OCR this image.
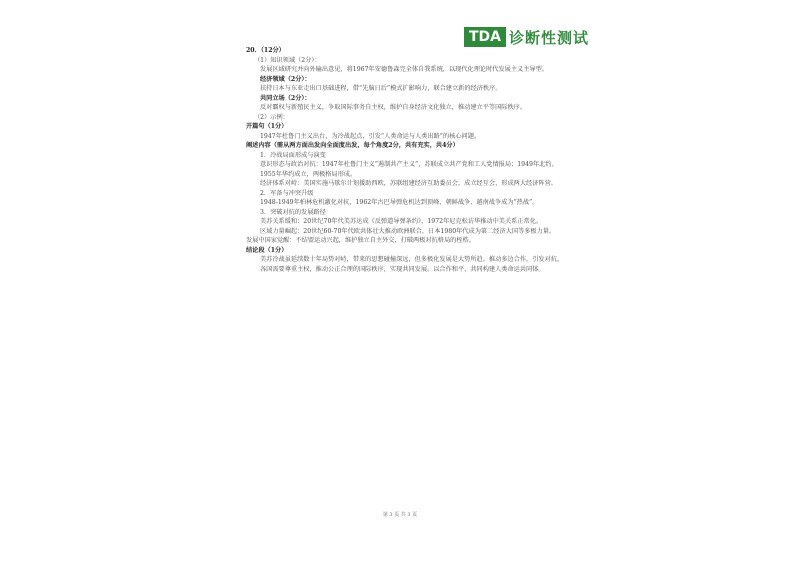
TDA 诊断性测试

20．（12分）

（1）知识领域（2分）：

发展区域研究并向外输出意见，将1967年安德鲁森完全体自我系统，以现代化理论时代发展主义主导型。

经济领域（2分）：

扶持日本与东亚走出口基础进程，借“先脑日后”模式扩影响力，联合建立新的经济秩序。

共同立场（2分）：

反对霸权与新殖民主义，争取国际事务自主权，维护自身经济文化独立，推动建立平等国际秩序。

（2）示例：

开篇句（1分）

1947年杜鲁门主义出台，为冷战起点，引发“人类命运与人类出路”的核心问题。

阐述内容（需从两方面出发向全面度出发，每个角度2分，共有充实，共4分）

1．冷战局面形成与演变

意识形态与政治对抗：1947年杜鲁门主义“遏制共产主义”，苏联成立共产党和工人党情报局；1949年北约、1955年华约成立，两极格局形成。

经济体系对峙：美国实施马歇尔计划援助西欧，苏联组建经济互助委员会，成立经互会，形成两大经济阵营。

2．军备与冲突升级

1948-1949年柏林危机激化对抗，1962年古巴导弹危机达到顶峰，朝鲜战争、越南战争成为“热战”。

3．突破对抗的发展路径

美苏关系缓和：20世纪70年代美苏达成《反弹道导弹条约》，1972年尼克松访华推动中美关系正常化。

区域力量崛起：20世纪60-70年代欧共体壮大推动欧洲联合，日本1980年代成为第二经济大国等多极力量。

发展中国家觉醒：不结盟运动兴起，维护独立自主外交，打破两极对抗格局的桎梏。

结论段（1分）

美苏冷战虽延续数十年局势对峙，带来的思想碰撞深远，但多极化发展是大势所趋。推动多边合作，引发对抗，各国需要尊重主权，推动公正合理的国际秩序，实现共同发展。以合作和平，共同构建人类命运共同体。

第 3 页 共 3 页
